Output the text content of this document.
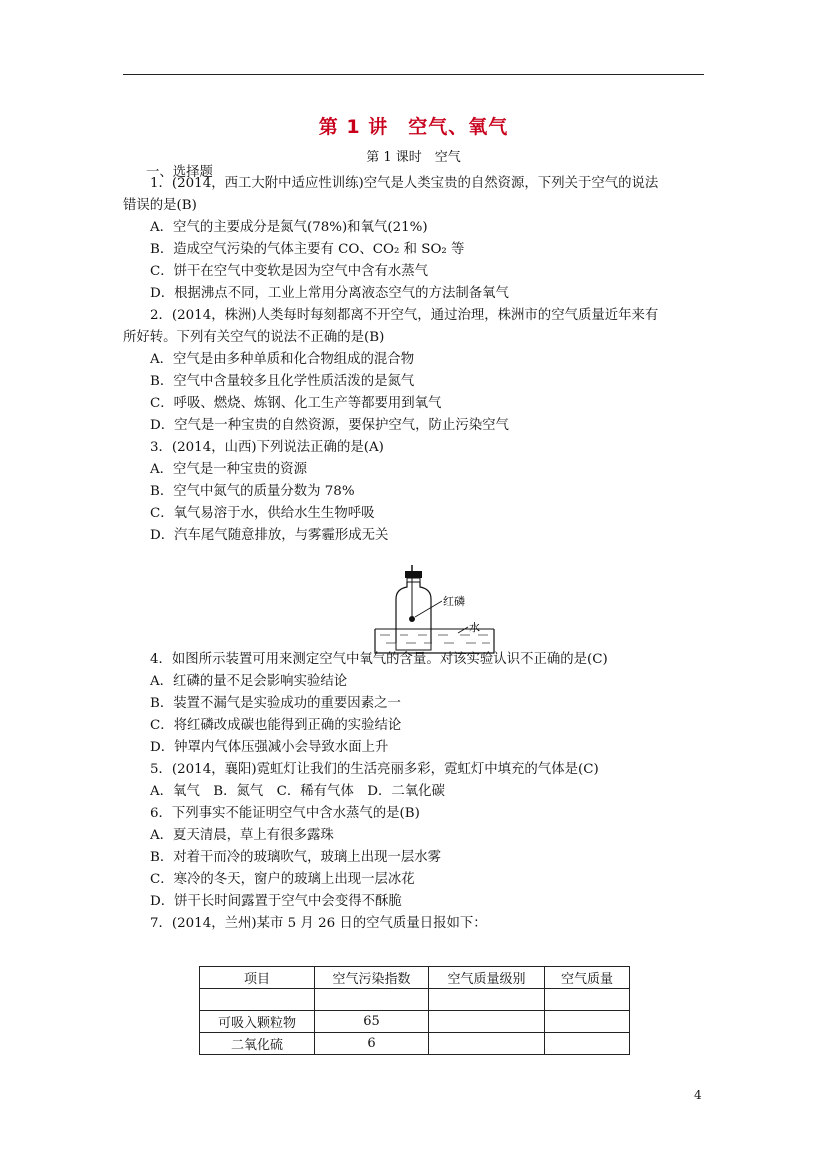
第 1 讲　空气、氧气
第 1 课时　空气
一、选择题
1．(2014，西工大附中适应性训练)空气是人类宝贵的自然资源，下列关于空气的说法
错误的是(B)
A．空气的主要成分是氮气(78%)和氧气(21%)
B．造成空气污染的气体主要有 CO、CO₂ 和 SO₂ 等
C．饼干在空气中变软是因为空气中含有水蒸气
D．根据沸点不同，工业上常用分离液态空气的方法制备氧气
2．(2014，株洲)人类每时每刻都离不开空气，通过治理，株洲市的空气质量近年来有
所好转。下列有关空气的说法不正确的是(B)
A．空气是由多种单质和化合物组成的混合物
B．空气中含量较多且化学性质活泼的是氮气
C．呼吸、燃烧、炼钢、化工生产等都要用到氧气
D．空气是一种宝贵的自然资源，要保护空气，防止污染空气
3．(2014，山西)下列说法正确的是(A)
A．空气是一种宝贵的资源
B．空气中氮气的质量分数为 78%
C．氧气易溶于水，供给水生生物呼吸
D．汽车尾气随意排放，与雾霾形成无关
4．如图所示装置可用来测定空气中氧气的含量。对该实验认识不正确的是(C)
A．红磷的量不足会影响实验结论
B．装置不漏气是实验成功的重要因素之一
C．将红磷改成碳也能得到正确的实验结论
D．钟罩内气体压强减小会导致水面上升
5．(2014，襄阳)霓虹灯让我们的生活亮丽多彩，霓虹灯中填充的气体是(C)
A．氧气　B．氮气　C．稀有气体　D．二氧化碳
6．下列事实不能证明空气中含水蒸气的是(B)
A．夏天清晨，草上有很多露珠
B．对着干而冷的玻璃吹气，玻璃上出现一层水雾
C．寒冷的冬天，窗户的玻璃上出现一层冰花
D．饼干长时间露置于空气中会变得不酥脆
7．(2014，兰州)某市 5 月 26 日的空气质量日报如下：
红磷
水
项目	空气污染指数	空气质量级别	空气质量

可吸入颗粒物	65		
二氧化硫	6		
4
